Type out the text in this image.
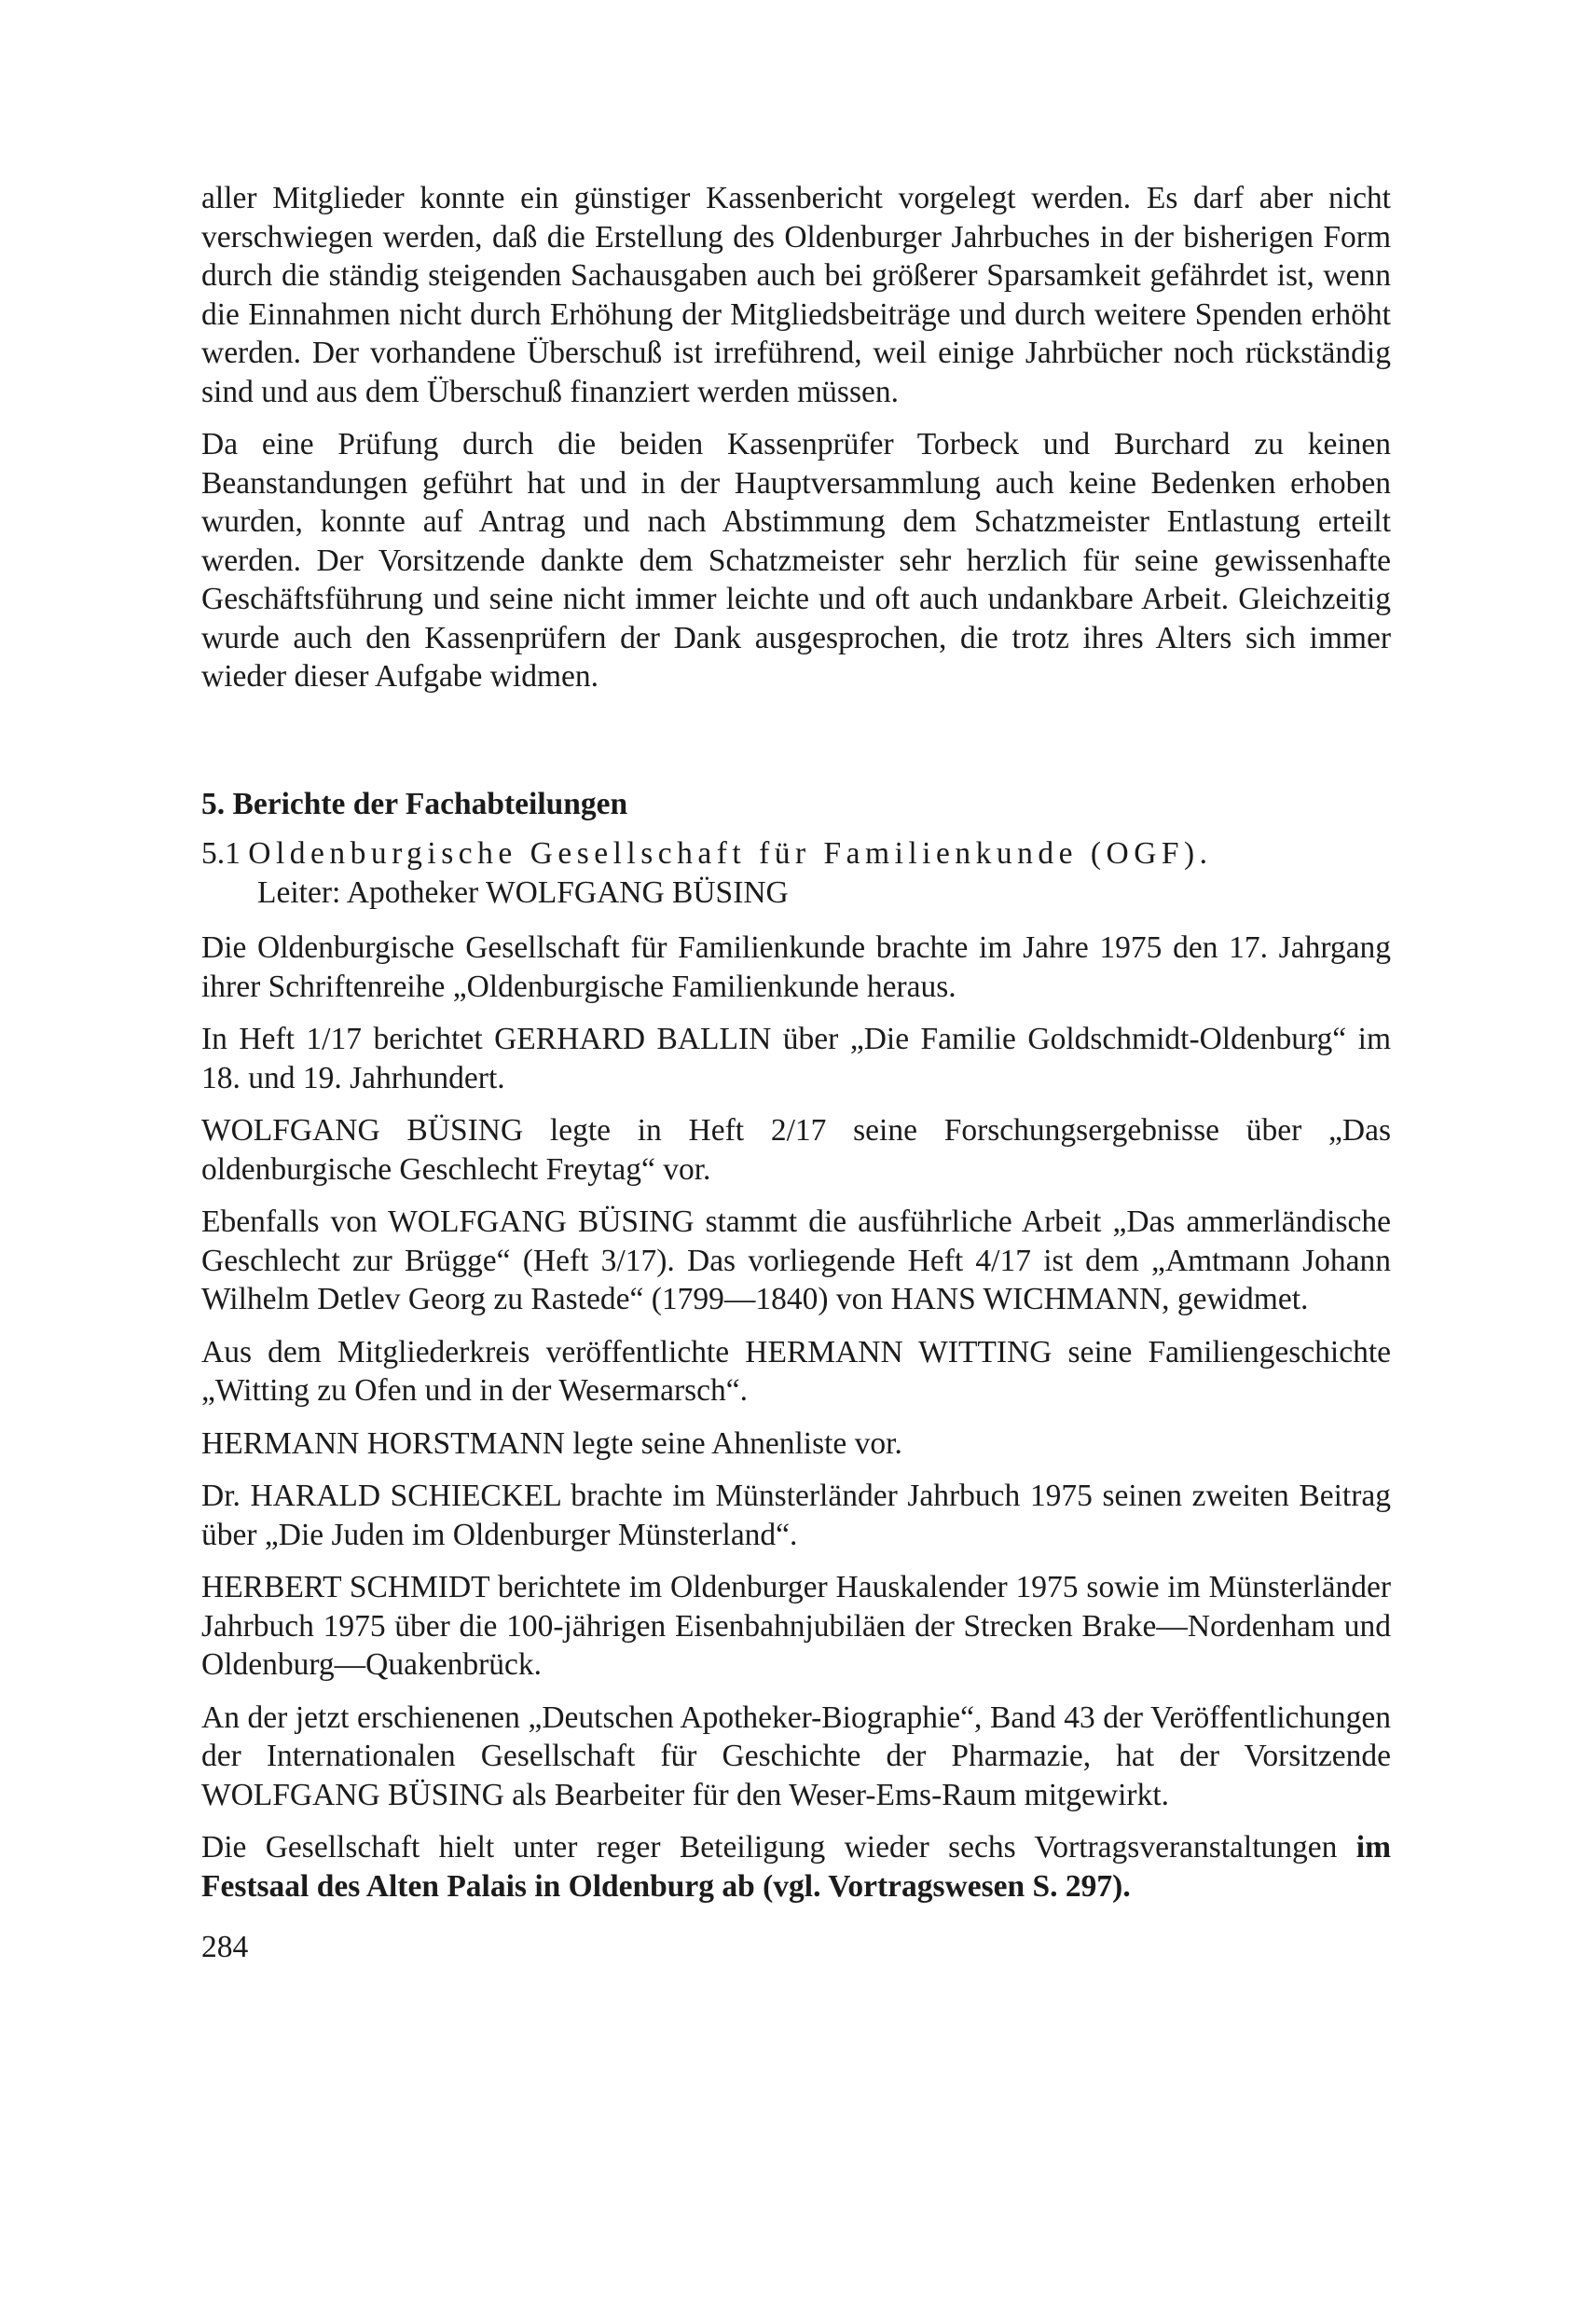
aller Mitglieder konnte ein günstiger Kassenbericht vorgelegt werden. Es darf aber nicht verschwiegen werden, daß die Erstellung des Oldenburger Jahrbuches in der bisherigen Form durch die ständig steigenden Sachausgaben auch bei größerer Sparsamkeit gefährdet ist, wenn die Einnahmen nicht durch Erhöhung der Mitgliedsbeiträge und durch weitere Spenden erhöht werden. Der vorhandene Überschuß ist irreführend, weil einige Jahrbücher noch rückständig sind und aus dem Überschuß finanziert werden müssen.

Da eine Prüfung durch die beiden Kassenprüfer Torbeck und Burchard zu keinen Beanstandungen geführt hat und in der Hauptversammlung auch keine Bedenken erhoben wurden, konnte auf Antrag und nach Abstimmung dem Schatzmeister Entlastung erteilt werden. Der Vorsitzende dankte dem Schatzmeister sehr herzlich für seine gewissenhafte Geschäftsführung und seine nicht immer leichte und oft auch undankbare Arbeit. Gleichzeitig wurde auch den Kassenprüfern der Dank ausgesprochen, die trotz ihres Alters sich immer wieder dieser Aufgabe widmen.

5. Berichte der Fachabteilungen
5.1 Oldenburgische Gesellschaft für Familienkunde (OGF).
Leiter: Apotheker WOLFGANG BÜSING

Die Oldenburgische Gesellschaft für Familienkunde brachte im Jahre 1975 den 17. Jahrgang ihrer Schriftenreihe „Oldenburgische Familienkunde heraus.

In Heft 1/17 berichtet GERHARD BALLIN über „Die Familie Goldschmidt-Oldenburg“ im 18. und 19. Jahrhundert.

WOLFGANG BÜSING legte in Heft 2/17 seine Forschungsergebnisse über „Das oldenburgische Geschlecht Freytag“ vor.

Ebenfalls von WOLFGANG BÜSING stammt die ausführliche Arbeit „Das ammerländische Geschlecht zur Brügge“ (Heft 3/17). Das vorliegende Heft 4/17 ist dem „Amtmann Johann Wilhelm Detlev Georg zu Rastede“ (1799—1840) von HANS WICHMANN, gewidmet.

Aus dem Mitgliederkreis veröffentlichte HERMANN WITTING seine Familiengeschichte „Witting zu Ofen und in der Wesermarsch“.

HERMANN HORSTMANN legte seine Ahnenliste vor.

Dr. HARALD SCHIECKEL brachte im Münsterländer Jahrbuch 1975 seinen zweiten Beitrag über „Die Juden im Oldenburger Münsterland“.

HERBERT SCHMIDT berichtete im Oldenburger Hauskalender 1975 sowie im Münsterländer Jahrbuch 1975 über die 100-jährigen Eisenbahnjubiläen der Strecken Brake—Nordenham und Oldenburg—Quakenbrück.

An der jetzt erschienenen „Deutschen Apotheker-Biographie“, Band 43 der Veröffentlichungen der Internationalen Gesellschaft für Geschichte der Pharmazie, hat der Vorsitzende WOLFGANG BÜSING als Bearbeiter für den Weser-Ems-Raum mitgewirkt.

Die Gesellschaft hielt unter reger Beteiligung wieder sechs Vortragsveranstaltungen im Festsaal des Alten Palais in Oldenburg ab (vgl. Vortragswesen S. 297).

284
